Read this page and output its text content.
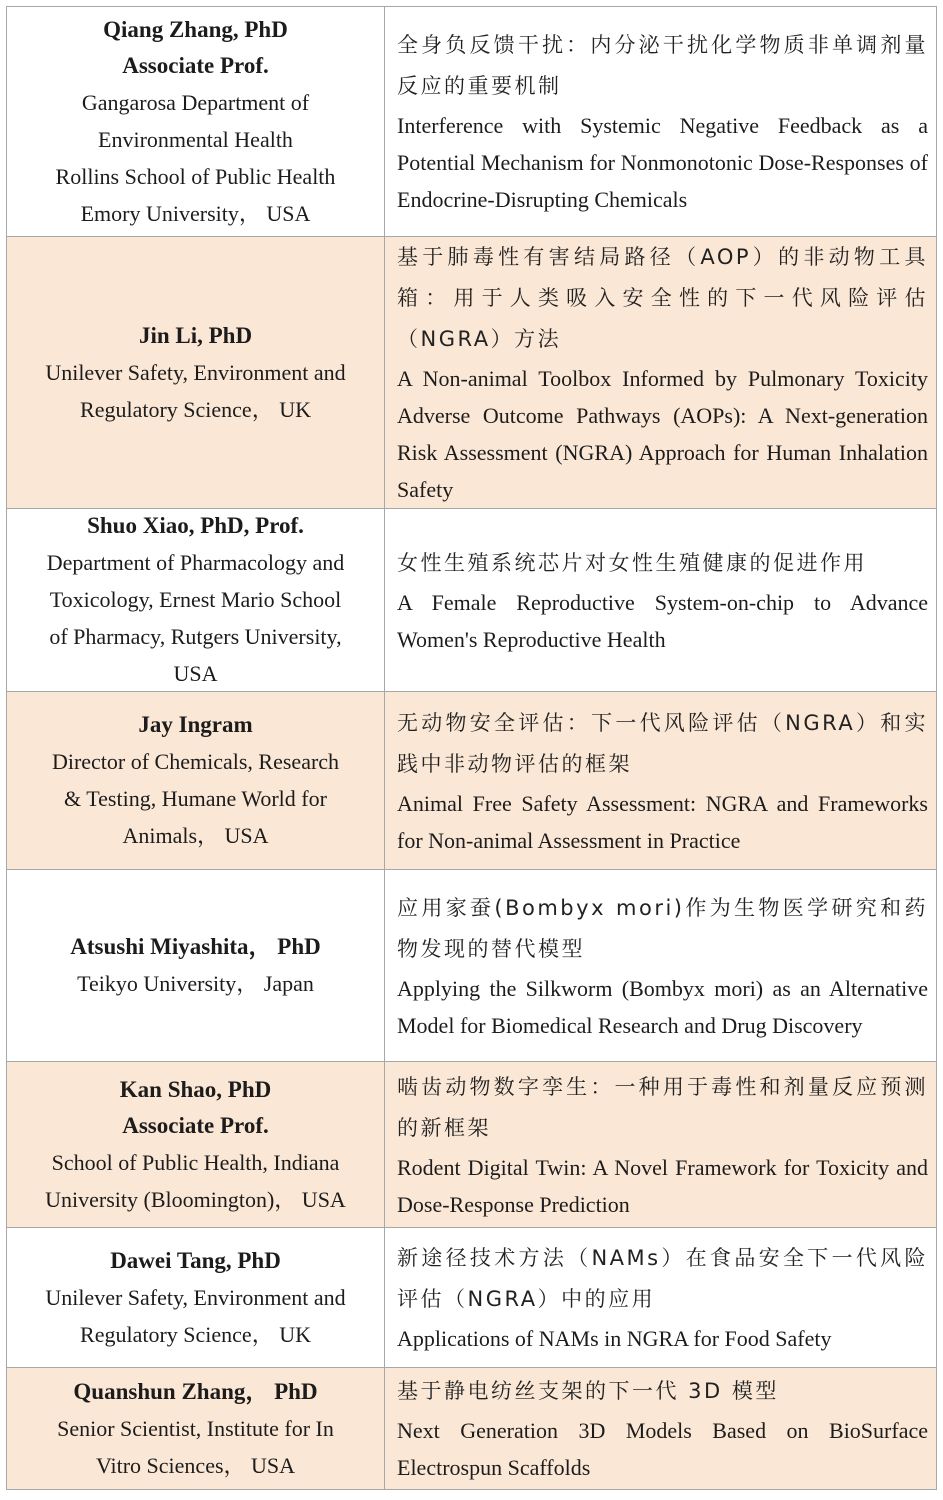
Qiang Zhang, PhD
Associate Prof.
Gangarosa Department of
Environmental Health
Rollins School of Public Health
Emory University， USA
全身负反馈干扰：内分泌干扰化学物质非单调剂量反应的重要机制
Interference with Systemic Negative Feedback as a Potential Mechanism for Nonmonotonic Dose-Responses of Endocrine-Disrupting Chemicals
Jin Li, PhD
Unilever Safety, Environment and
Regulatory Science， UK
基于肺毒性有害结局路径（AOP）的非动物工具箱：用于人类吸入安全性的下一代风险评估（NGRA）方法
A Non-animal Toolbox Informed by Pulmonary Toxicity Adverse Outcome Pathways (AOPs): A Next-generation Risk Assessment (NGRA) Approach for Human Inhalation Safety
Shuo Xiao, PhD, Prof.
Department of Pharmacology and
Toxicology, Ernest Mario School
of Pharmacy, Rutgers University,
USA
女性生殖系统芯片对女性生殖健康的促进作用
A Female Reproductive System-on-chip to Advance Women's Reproductive Health
Jay Ingram
Director of Chemicals, Research
& Testing, Humane World for
Animals， USA
无动物安全评估：下一代风险评估（NGRA）和实践中非动物评估的框架
Animal Free Safety Assessment: NGRA and Frameworks for Non-animal Assessment in Practice
Atsushi Miyashita， PhD
Teikyo University， Japan
应用家蚕(Bombyx mori)作为生物医学研究和药物发现的替代模型
Applying the Silkworm (Bombyx mori) as an Alternative Model for Biomedical Research and Drug Discovery
Kan Shao, PhD
Associate Prof.
School of Public Health, Indiana
University (Bloomington)， USA
啮齿动物数字孪生：一种用于毒性和剂量反应预测的新框架
Rodent Digital Twin: A Novel Framework for Toxicity and Dose-Response Prediction
Dawei Tang, PhD
Unilever Safety, Environment and
Regulatory Science， UK
新途径技术方法（NAMs）在食品安全下一代风险评估（NGRA）中的应用
Applications of NAMs in NGRA for Food Safety
Quanshun Zhang， PhD
Senior Scientist, Institute for In
Vitro Sciences， USA
基于静电纺丝支架的下一代 3D 模型
Next Generation 3D Models Based on BioSurface Electrospun Scaffolds
